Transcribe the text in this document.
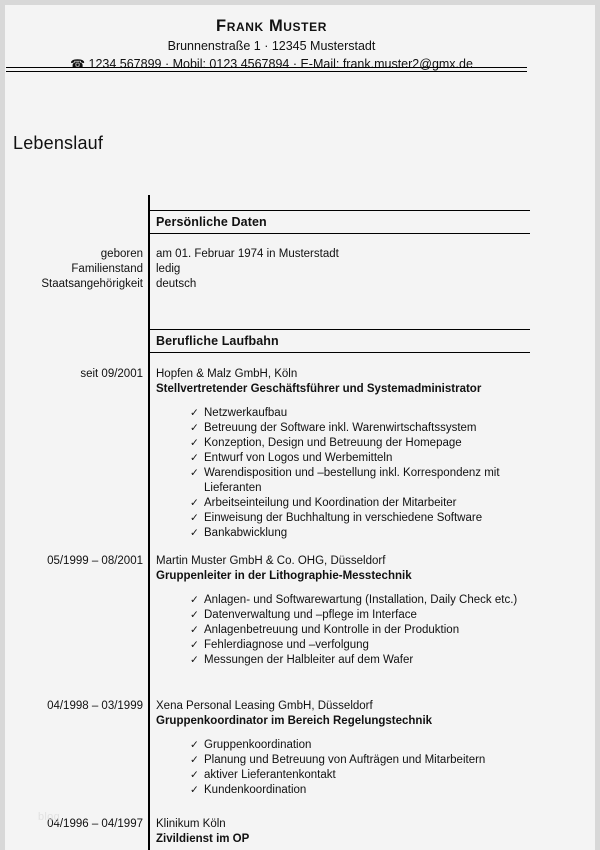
Frank Muster
Brunnenstraße 1 · 12345 Musterstadt
☎ 1234 567899 · Mobil: 0123 4567894 · E-Mail: frank.muster2@gmx.de
Lebenslauf
Persönliche Daten
geboren
Familienstand
Staatsangehörigkeit
am 01. Februar 1974 in Musterstadt
ledig
deutsch
Berufliche Laufbahn
seit 09/2001 Hopfen & Malz GmbH, Köln
Stellvertretender Geschäftsführer und Systemadministrator
✓ Netzwerkaufbau
✓ Betreuung der Software inkl. Warenwirtschaftssystem
✓ Konzeption, Design und Betreuung der Homepage
✓ Entwurf von Logos und Werbemitteln
✓ Warendisposition und –bestellung inkl. Korrespondenz mit Lieferanten
✓ Arbeitseinteilung und Koordination der Mitarbeiter
✓ Einweisung der Buchhaltung in verschiedene Software
✓ Bankabwicklung
05/1999 – 08/2001 Martin Muster GmbH & Co. OHG, Düsseldorf
Gruppenleiter in der Lithographie-Messtechnik
✓ Anlagen- und Softwarewartung (Installation, Daily Check etc.)
✓ Datenverwaltung und –pflege im Interface
✓ Anlagenbetreuung und Kontrolle in der Produktion
✓ Fehlerdiagnose und –verfolgung
✓ Messungen der Halbleiter auf dem Wafer
04/1998 – 03/1999 Xena Personal Leasing GmbH, Düsseldorf
Gruppenkoordinator im Bereich Regelungstechnik
✓ Gruppenkoordination
✓ Planung und Betreuung von Aufträgen und Mitarbeitern
✓ aktiver Lieferantenkontakt
✓ Kundenkoordination
04/1996 – 04/1997 Klinikum Köln
Zivildienst im OP
blog
